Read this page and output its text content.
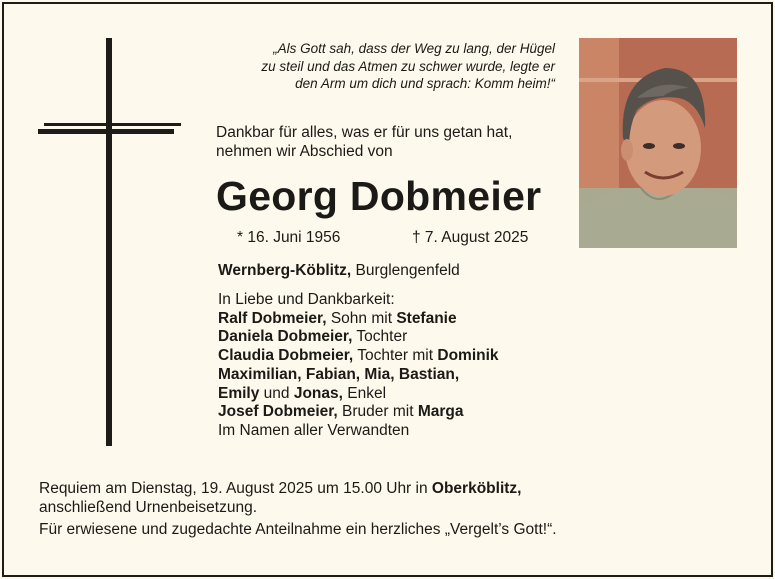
„Als Gott sah, dass der Weg zu lang, der Hügel
zu steil und das Atmen zu schwer wurde, legte er
den Arm um dich und sprach: Komm heim!“
Dankbar für alles, was er für uns getan hat,
nehmen wir Abschied von
Georg Dobmeier
* 16. Juni 1956	† 7. August 2025
Wernberg-Köblitz, Burglengenfeld
In Liebe und Dankbarkeit:
Ralf Dobmeier, Sohn mit Stefanie
Daniela Dobmeier, Tochter
Claudia Dobmeier, Tochter mit Dominik
Maximilian, Fabian, Mia, Bastian,
Emily und Jonas, Enkel
Josef Dobmeier, Bruder mit Marga
Im Namen aller Verwandten
Requiem am Dienstag, 19. August 2025 um 15.00 Uhr in Oberköblitz,
anschließend Urnenbeisetzung.
Für erwiesene und zugedachte Anteilnahme ein herzliches „Vergelt’s Gott!“.
